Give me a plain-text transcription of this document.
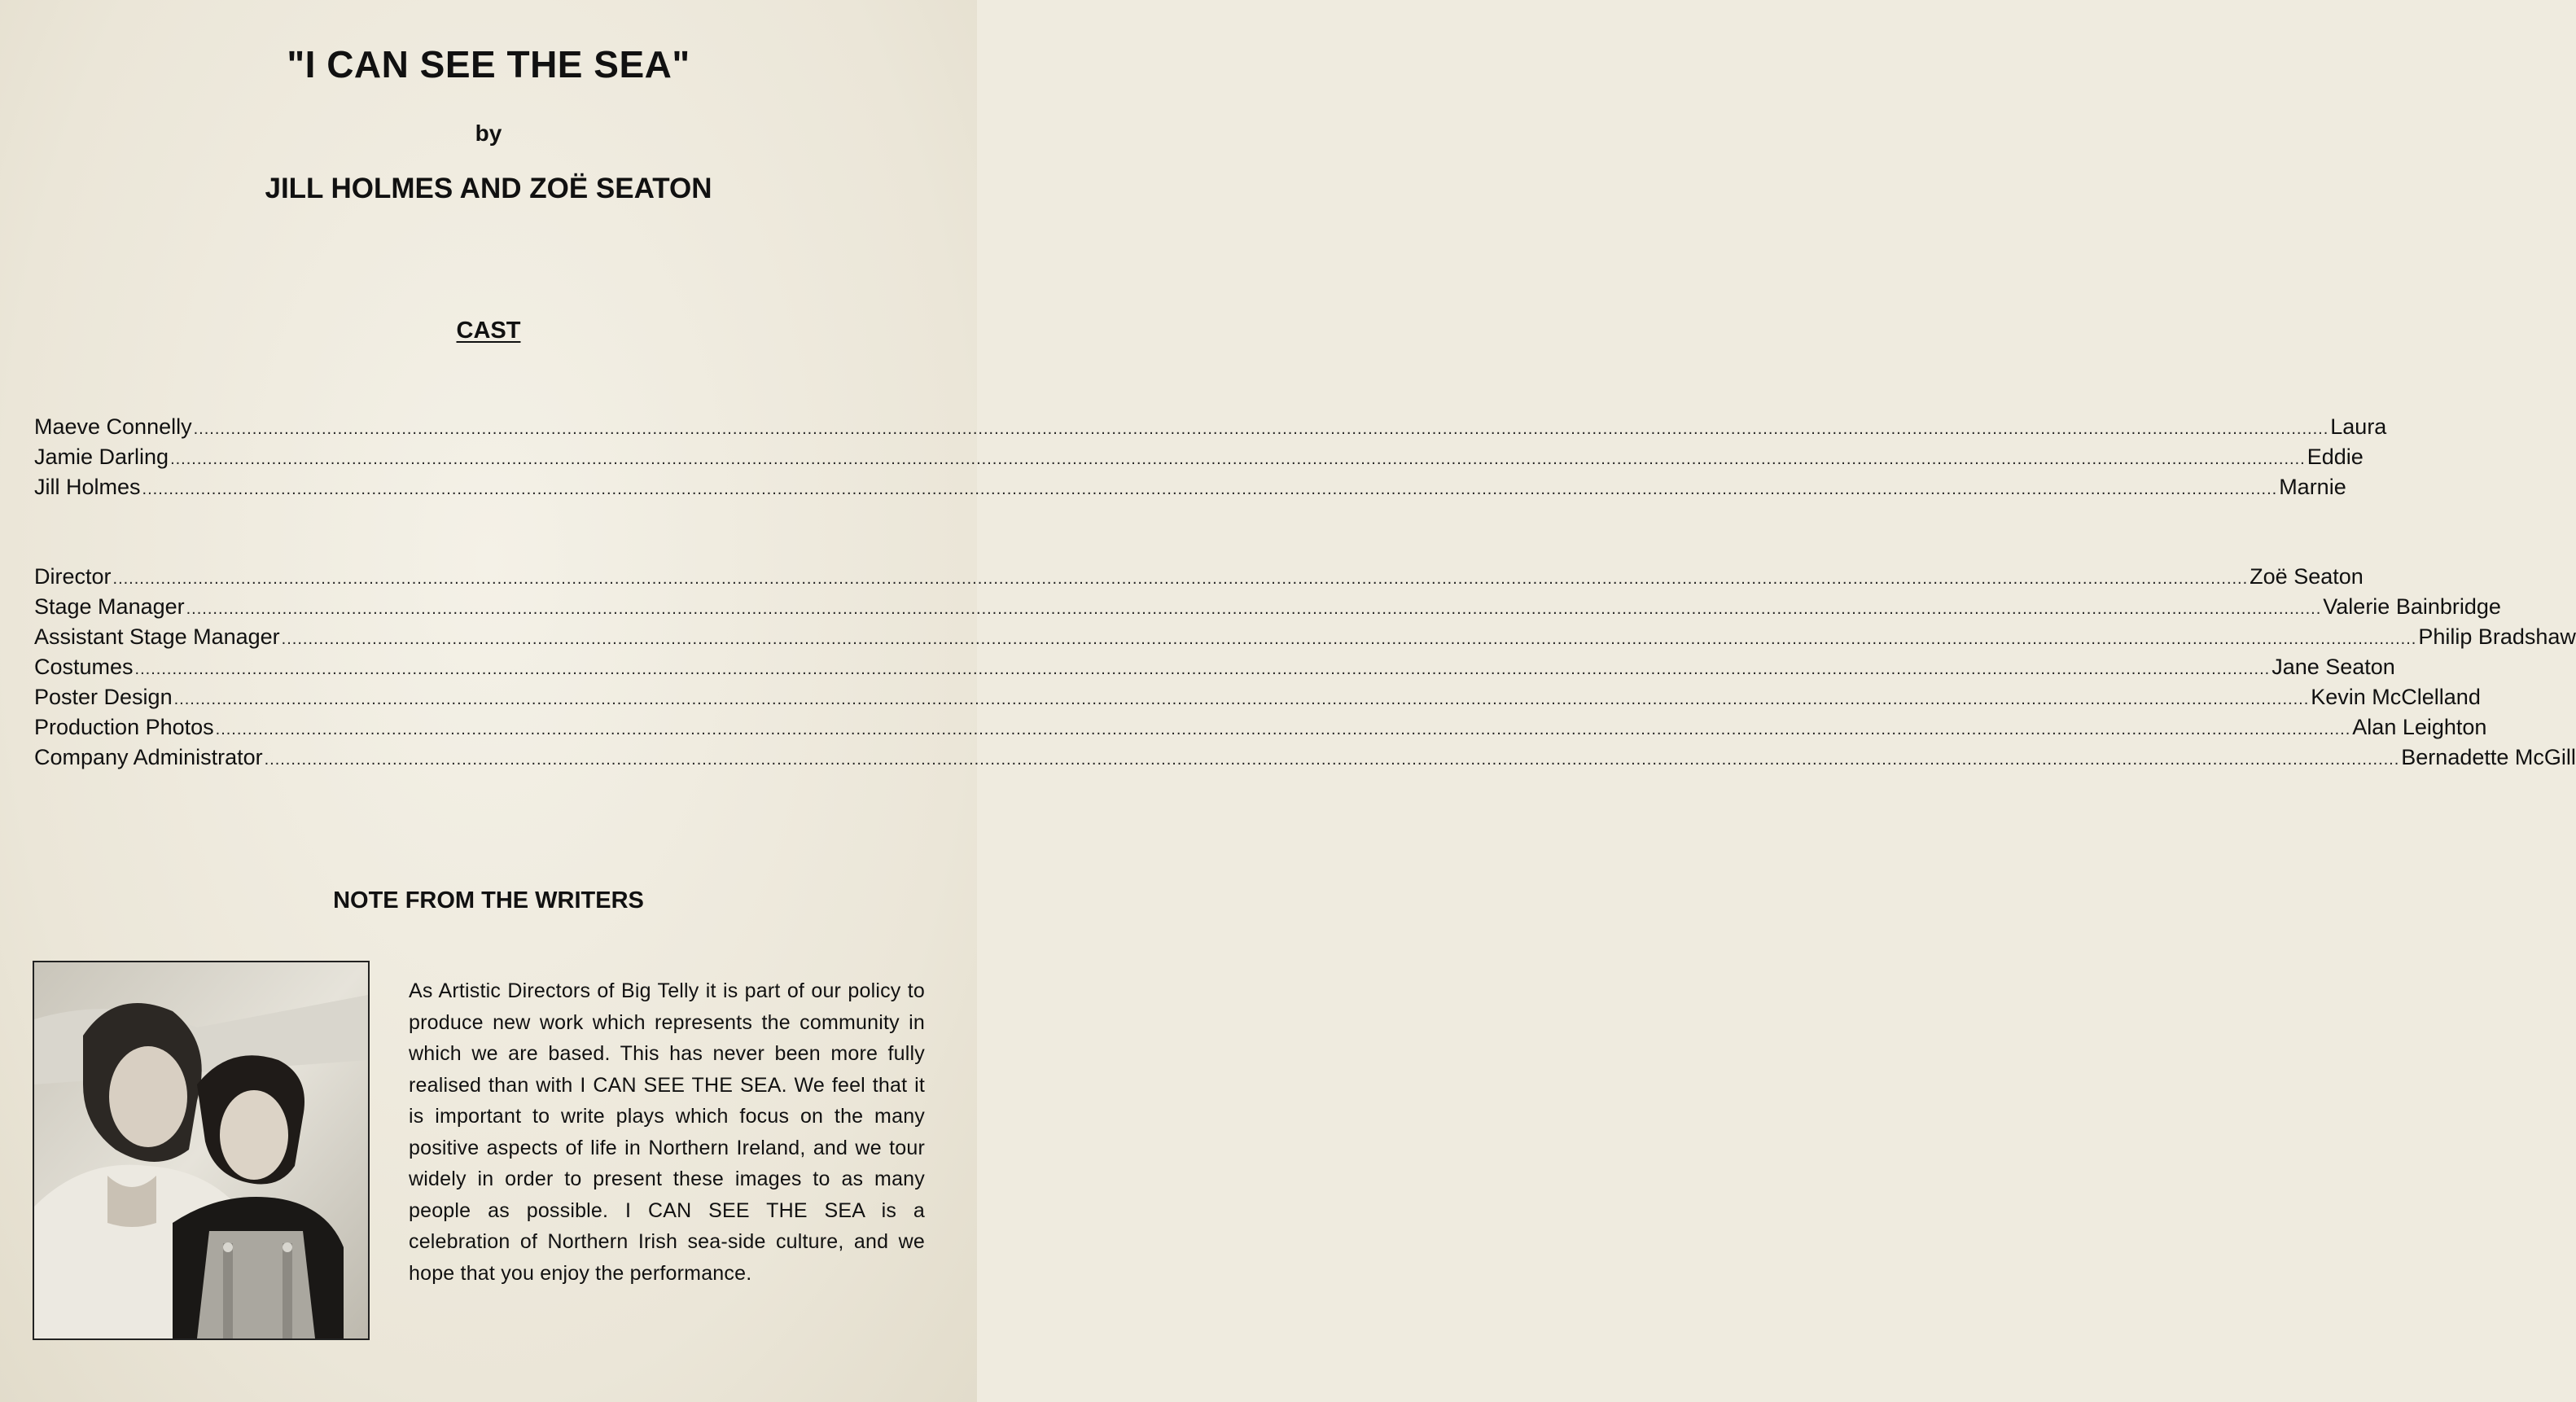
"I CAN SEE THE SEA"
by
JILL HOLMES AND ZOË SEATON
CAST
Maeve Connelly ................................................................................................................................................................................................................................................................................................................................................................................................................ Laura
Jamie Darling ................................................................................................................................................................................................................................................................................................................................................................................................................ Eddie
Jill Holmes ................................................................................................................................................................................................................................................................................................................................................................................................................ Marnie
Director ................................................................................................................................................................................................................................................................................................................................................................................................................ Zoë Seaton
Stage Manager ................................................................................................................................................................................................................................................................................................................................................................................................................ Valerie Bainbridge
Assistant Stage Manager ................................................................................................................................................................................................................................................................................................................................................................................................................ Philip Bradshaw
Costumes ................................................................................................................................................................................................................................................................................................................................................................................................................ Jane Seaton
Poster Design ................................................................................................................................................................................................................................................................................................................................................................................................................ Kevin McClelland
Production Photos ................................................................................................................................................................................................................................................................................................................................................................................................................ Alan Leighton
Company Administrator ................................................................................................................................................................................................................................................................................................................................................................................................................ Bernadette McGill
NOTE FROM THE WRITERS
As Artistic Directors of Big Telly it is part of our policy to produce new work which represents the community in which we are based. This has never been more fully realised than with I CAN SEE THE SEA. We feel that it is important to write plays which focus on the many positive aspects of life in Northern Ireland, and we tour widely in order to present these images to as many people as possible. I CAN SEE THE SEA is a celebration of Northern Irish sea-side culture, and we hope that you enjoy the performance.
